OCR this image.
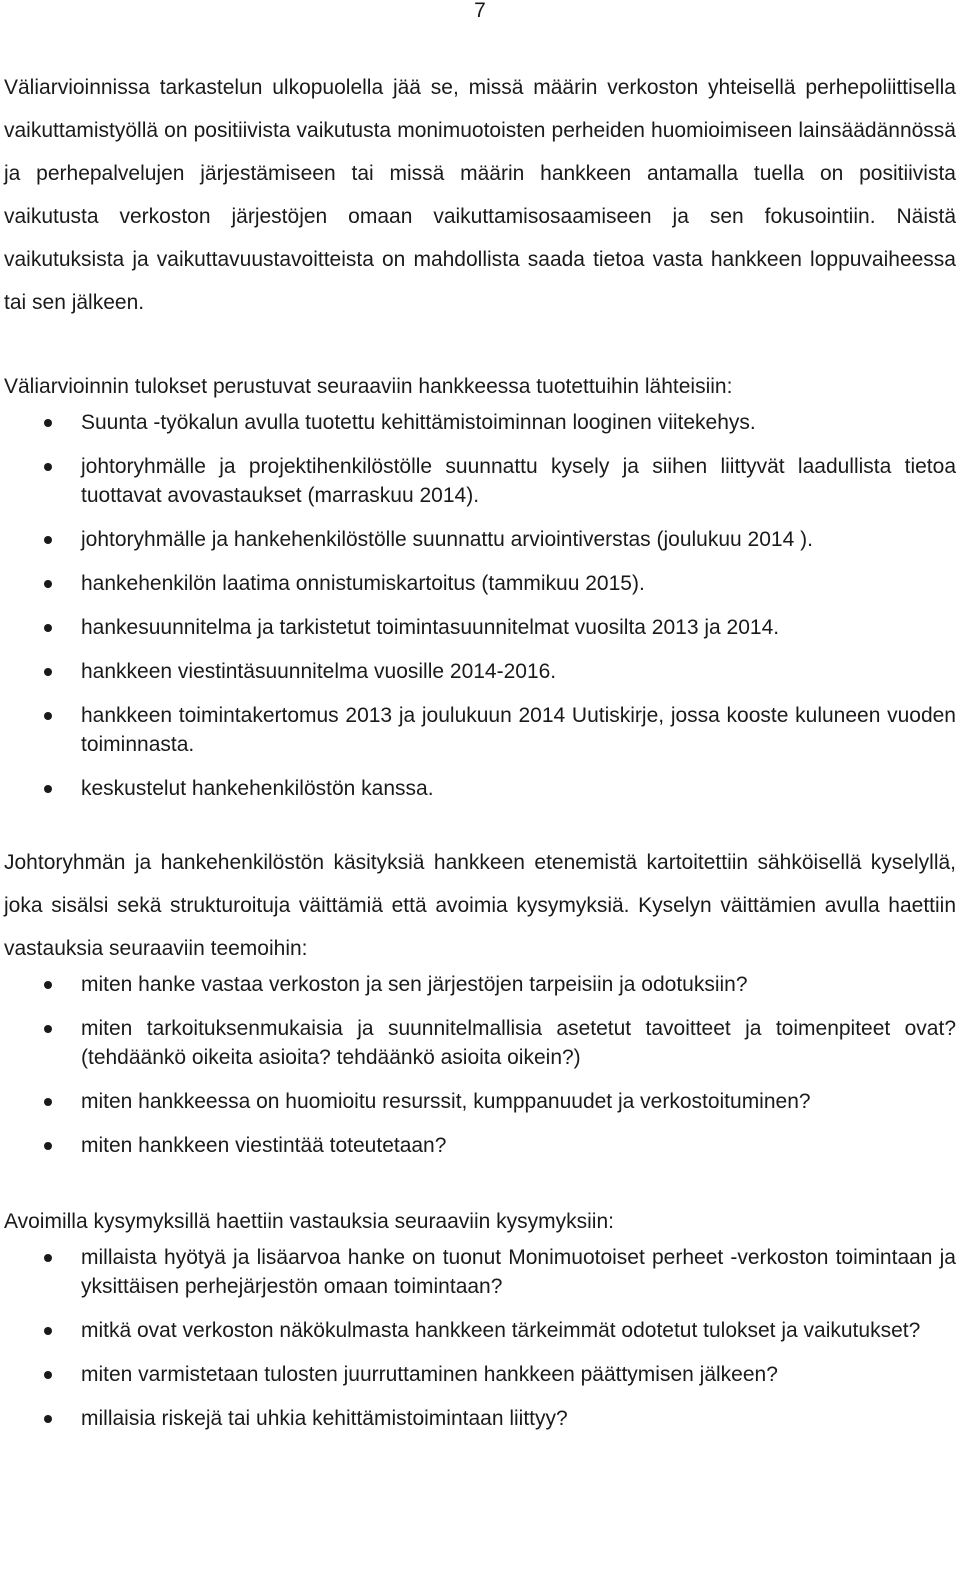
7

Väliarvioinnissa tarkastelun ulkopuolella jää se, missä määrin verkoston yhteisellä perhepoliittisella vaikuttamistyöllä on positiivista vaikutusta monimuotoisten perheiden huomioimiseen lainsäädännössä ja perhepalvelujen järjestämiseen tai missä määrin hankkeen antamalla tuella on positiivista vaikutusta verkoston järjestöjen omaan vaikuttamisosaamiseen ja sen fokusointiin. Näistä vaikutuksista ja vaikuttavuustavoitteista on mahdollista saada tietoa vasta hankkeen loppuvaiheessa tai sen jälkeen.

Väliarvioinnin tulokset perustuvat seuraaviin hankkeessa tuotettuihin lähteisiin:

Suunta -työkalun avulla tuotettu kehittämistoiminnan looginen viitekehys.
johtoryhmälle ja projektihenkilöstölle suunnattu kysely ja siihen liittyvät laadullista tietoa tuottavat avovastaukset (marraskuu 2014).
johtoryhmälle ja hankehenkilöstölle suunnattu arviointiverstas (joulukuu 2014 ).
hankehenkilön laatima onnistumiskartoitus (tammikuu 2015).
hankesuunnitelma ja tarkistetut toimintasuunnitelmat vuosilta 2013 ja 2014.
hankkeen viestintäsuunnitelma vuosille 2014-2016.
hankkeen toimintakertomus 2013 ja joulukuun 2014 Uutiskirje, jossa kooste kuluneen vuoden toiminnasta.
keskustelut hankehenkilöstön kanssa.

Johtoryhmän ja hankehenkilöstön käsityksiä hankkeen etenemistä kartoitettiin sähköisellä kyselyllä, joka sisälsi sekä strukturoituja väittämiä että avoimia kysymyksiä. Kyselyn väittämien avulla haettiin vastauksia seuraaviin teemoihin:

miten hanke vastaa verkoston ja sen järjestöjen tarpeisiin ja odotuksiin?
miten tarkoituksenmukaisia ja suunnitelmallisia asetetut tavoitteet ja toimenpiteet ovat? (tehdäänkö oikeita asioita? tehdäänkö asioita oikein?)
miten hankkeessa on huomioitu resurssit, kumppanuudet ja verkostoituminen?
miten hankkeen viestintää toteutetaan?

Avoimilla kysymyksillä haettiin vastauksia seuraaviin kysymyksiin:

millaista hyötyä ja lisäarvoa hanke on tuonut Monimuotoiset perheet -verkoston toimintaan ja yksittäisen perhejärjestön omaan toimintaan?
mitkä ovat verkoston näkökulmasta hankkeen tärkeimmät odotetut tulokset ja vaikutukset?
miten varmistetaan tulosten juurruttaminen hankkeen päättymisen jälkeen?
millaisia riskejä tai uhkia kehittämistoimintaan liittyy?
